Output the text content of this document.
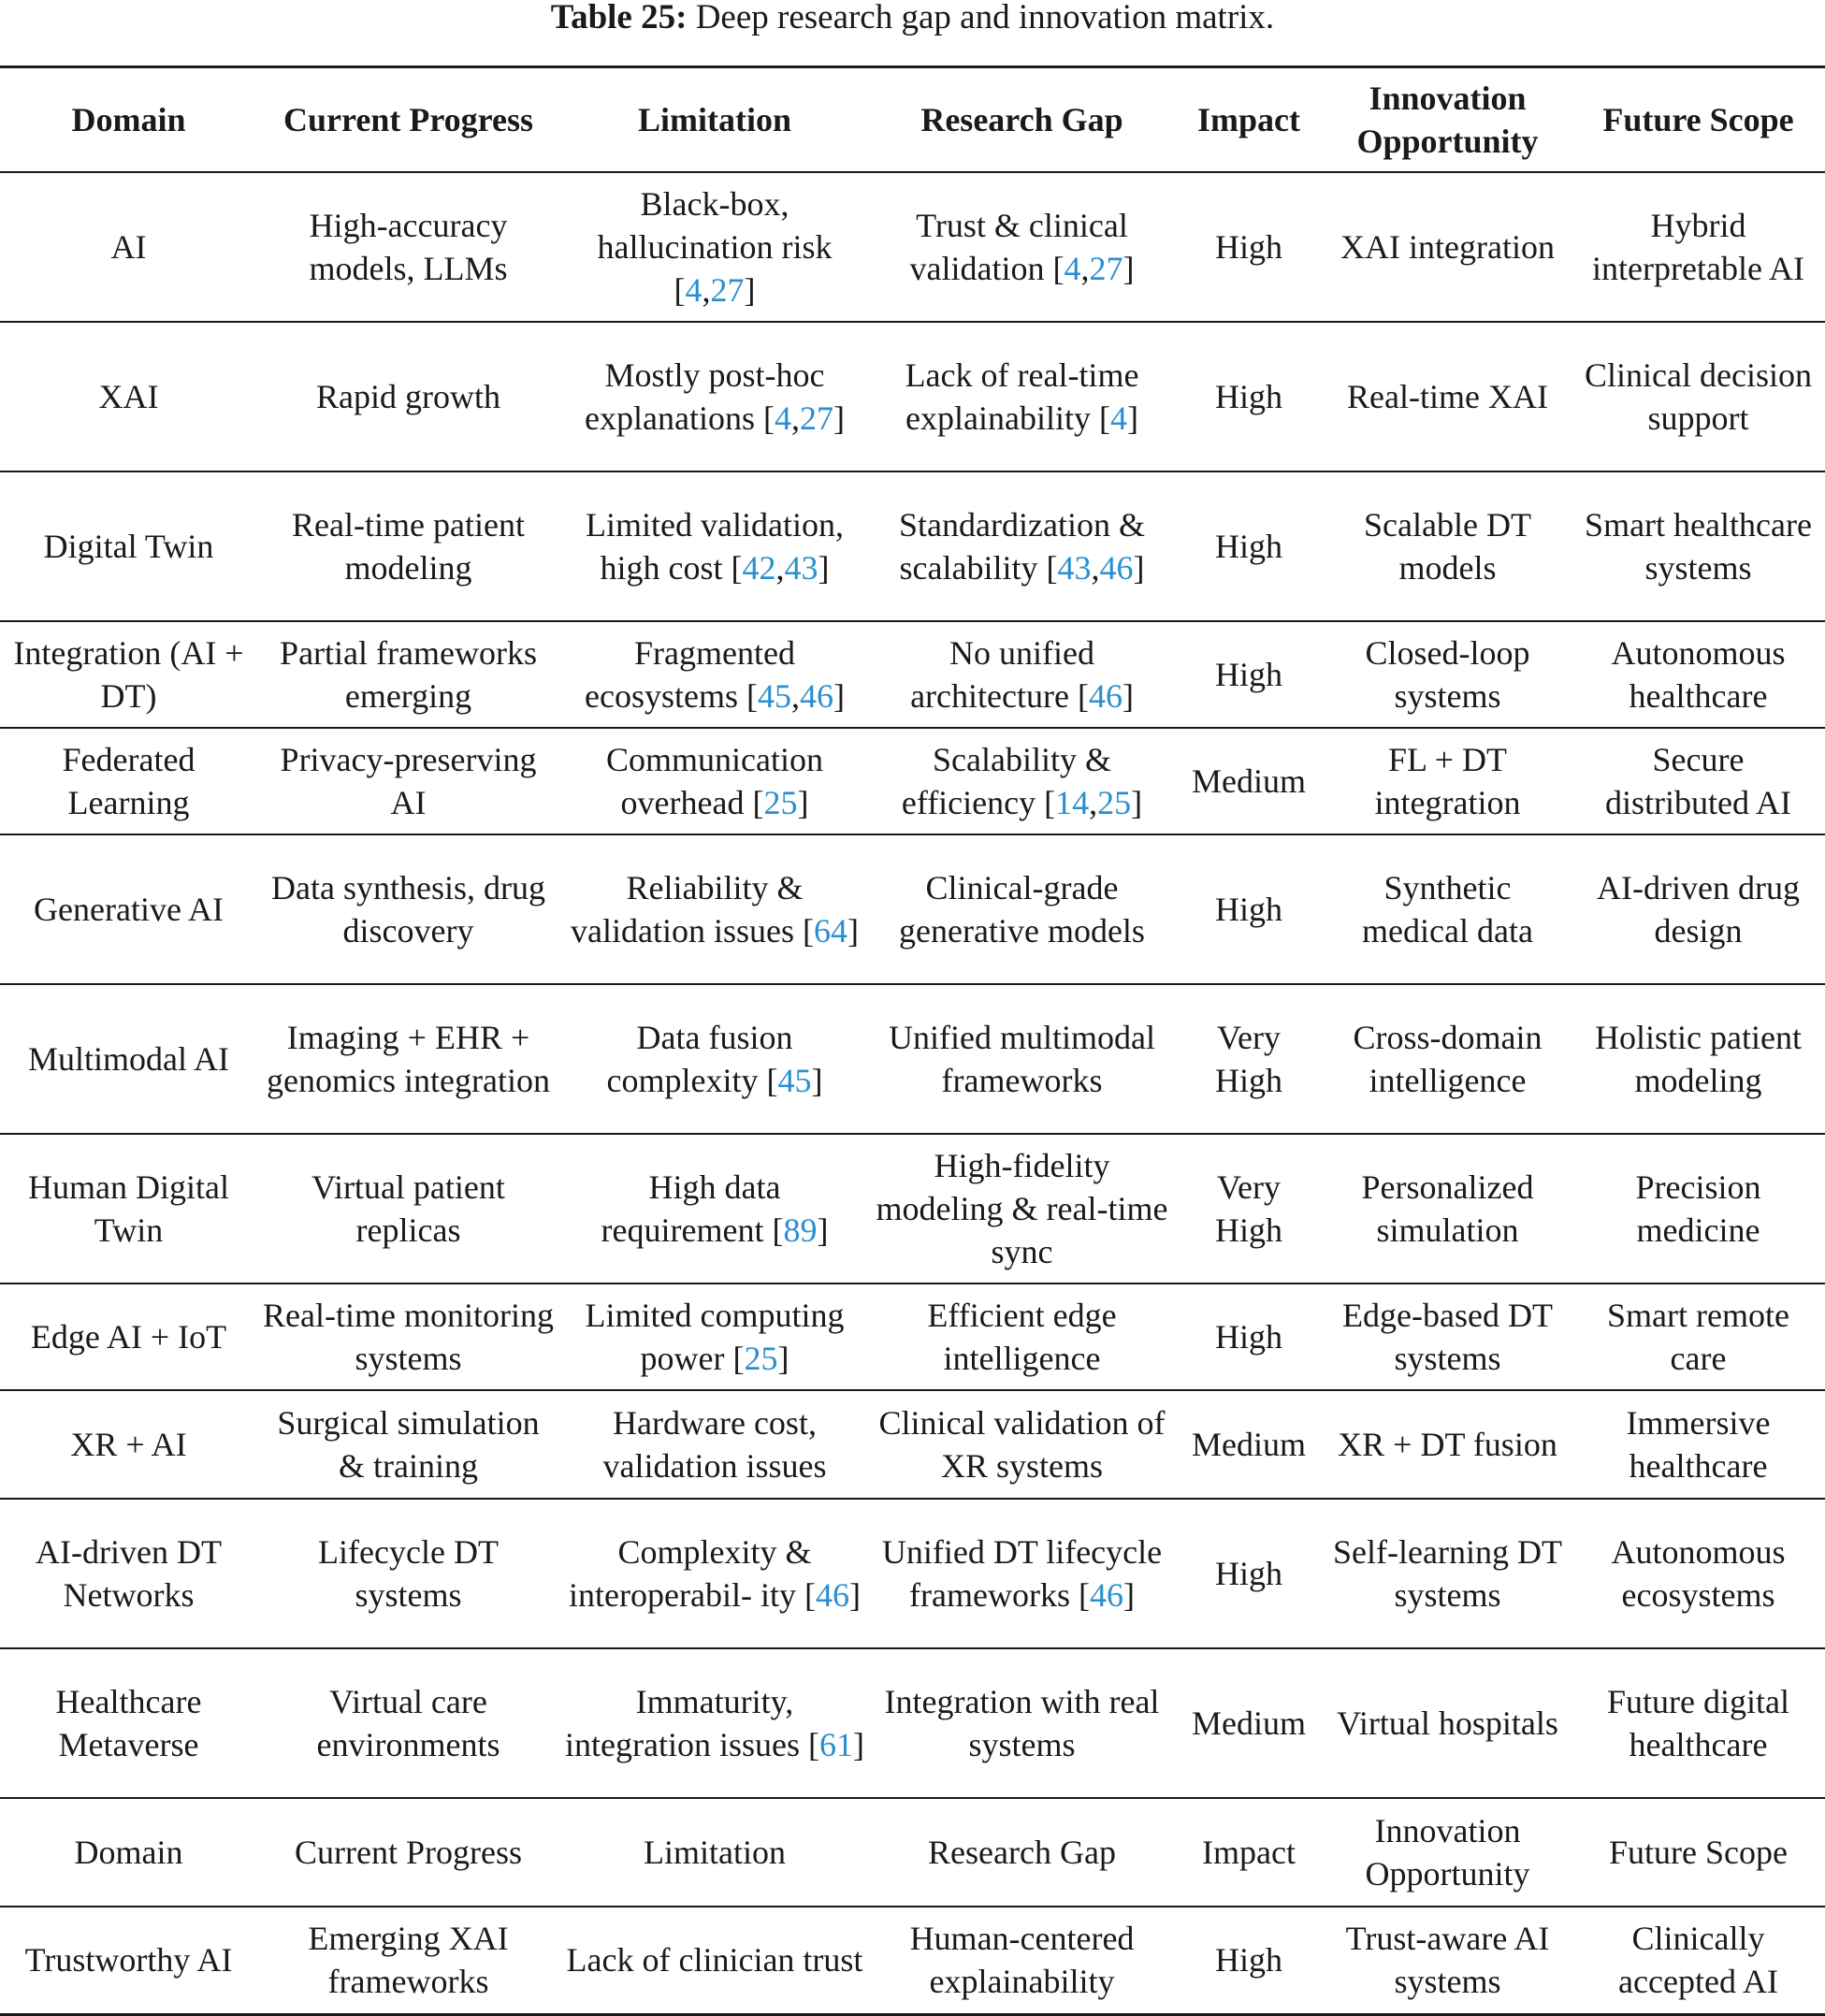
Table 25: Deep research gap and innovation matrix.
Domain	Current Progress	Limitation	Research Gap	Impact	Innovation Opportunity	Future Scope
AI	High-accuracy models, LLMs	Black-box, hallucination risk [4,27]	Trust & clinical validation [4,27]	High	XAI integration	Hybrid interpretable AI
XAI	Rapid growth	Mostly post-hoc explanations [4,27]	Lack of real-time explainability [4]	High	Real-time XAI	Clinical decision support
Digital Twin	Real-time patient modeling	Limited validation, high cost [42,43]	Standardization & scalability [43,46]	High	Scalable DT models	Smart healthcare systems
Integration (AI + DT)	Partial frameworks emerging	Fragmented ecosystems [45,46]	No unified architecture [46]	High	Closed-loop systems	Autonomous healthcare
Federated Learning	Privacy-preserving AI	Communication overhead [25]	Scalability & efficiency [14,25]	Medium	FL + DT integration	Secure distributed AI
Generative AI	Data synthesis, drug discovery	Reliability & validation issues [64]	Clinical-grade generative models	High	Synthetic medical data	AI-driven drug design
Multimodal AI	Imaging + EHR + genomics integration	Data fusion complexity [45]	Unified multimodal frameworks	Very High	Cross-domain intelligence	Holistic patient modeling
Human Digital Twin	Virtual patient replicas	High data requirement [89]	High-fidelity modeling & real-time sync	Very High	Personalized simulation	Precision medicine
Edge AI + IoT	Real-time monitoring systems	Limited computing power [25]	Efficient edge intelligence	High	Edge-based DT systems	Smart remote care
XR + AI	Surgical simulation & training	Hardware cost, validation issues	Clinical validation of XR systems	Medium	XR + DT fusion	Immersive healthcare
AI-driven DT Networks	Lifecycle DT systems	Complexity & interoperabil- ity [46]	Unified DT lifecycle frameworks [46]	High	Self-learning DT systems	Autonomous ecosystems
Healthcare Metaverse	Virtual care environments	Immaturity, integration issues [61]	Integration with real systems	Medium	Virtual hospitals	Future digital healthcare
Domain	Current Progress	Limitation	Research Gap	Impact	Innovation Opportunity	Future Scope
Trustworthy AI	Emerging XAI frameworks	Lack of clinician trust	Human-centered explainability	High	Trust-aware AI systems	Clinically accepted AI
